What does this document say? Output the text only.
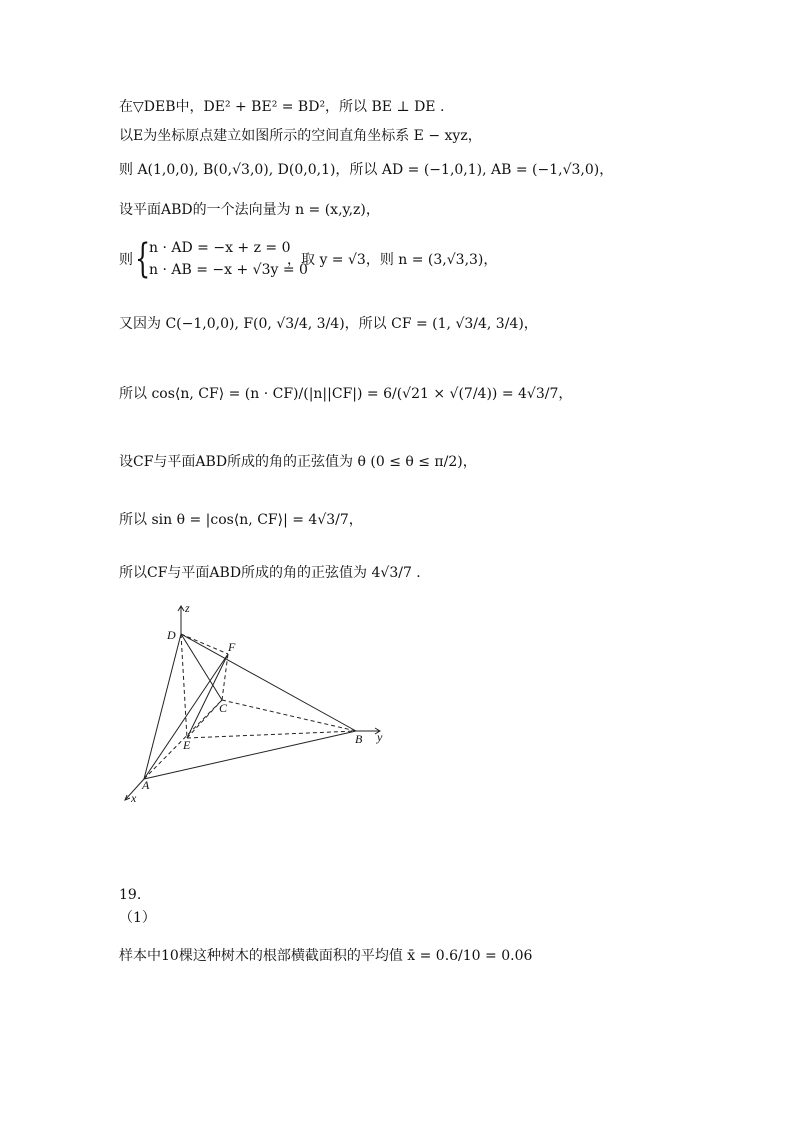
在▽DEB中，DE² + BE² = BD²，所以 BE ⊥ DE .
以E为坐标原点建立如图所示的空间直角坐标系 E − xyz，
则 A(1,0,0), B(0,√3,0), D(0,0,1)，所以 AD = (−1,0,1), AB = (−1,√3,0)，
设平面ABD的一个法向量为 n = (x,y,z)，
则 {
n · AD = −x + z = 0
n · AB = −x + √3y = 0
，取 y = √3，则 n = (3,√3,3)，
又因为 C(−1,0,0), F(0, √3/4, 3/4)，所以 CF = (1, √3/4, 3/4)，
所以 cos⟨n, CF⟩ = (n · CF)/(|n||CF|) = 6/(√21 × √(7/4)) = 4√3/7，
设CF与平面ABD所成的角的正弦值为 θ (0 ≤ θ ≤ π/2)，
所以 sin θ = |cos⟨n, CF⟩| = 4√3/7，
所以CF与平面ABD所成的角的正弦值为 4√3/7 .
z
D
F
C
E	B y
A
x
19.
（1）
样本中10棵这种树木的根部横截面积的平均值 x̄ = 0.6/10 = 0.06
